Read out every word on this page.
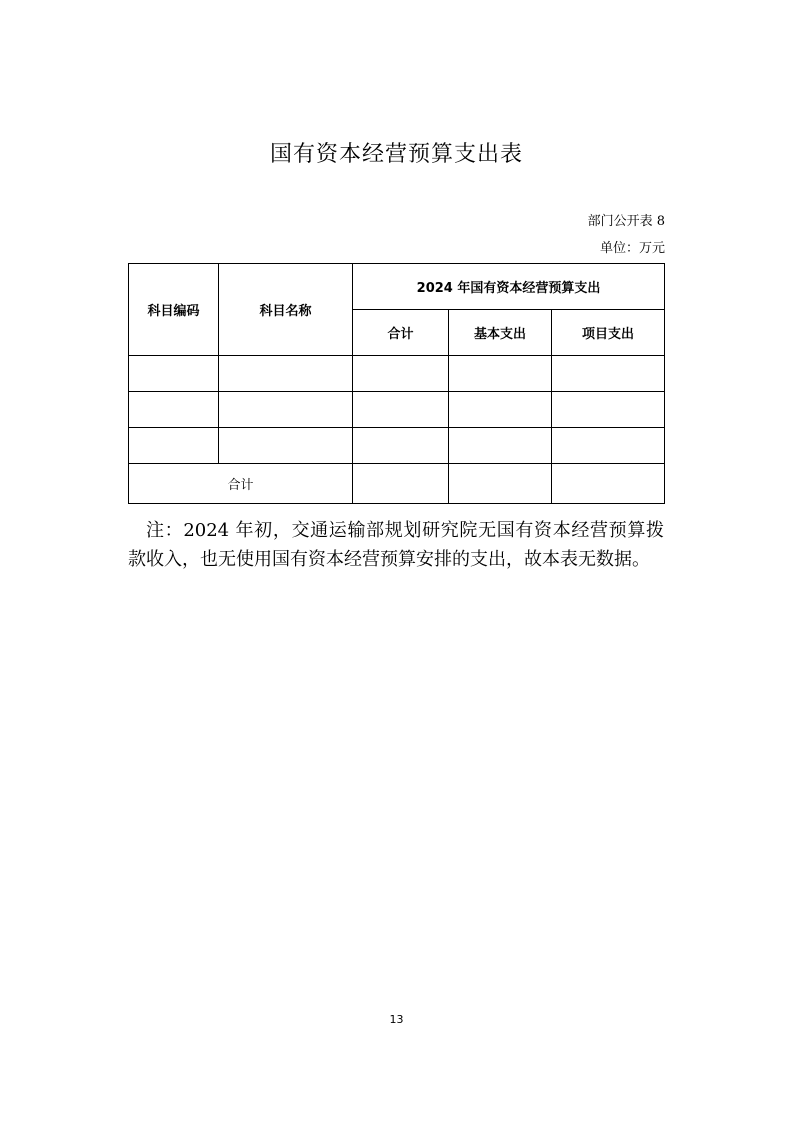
国有资本经营预算支出表
部门公开表 8
单位：万元
科目编码	科目名称	2024 年国有资本经营预算支出		
		合计	基本支出	项目支出

合计				
注：2024 年初，交通运输部规划研究院无国有资本经营预算拨款收入，也无使用国有资本经营预算安排的支出，故本表无数据。
13
